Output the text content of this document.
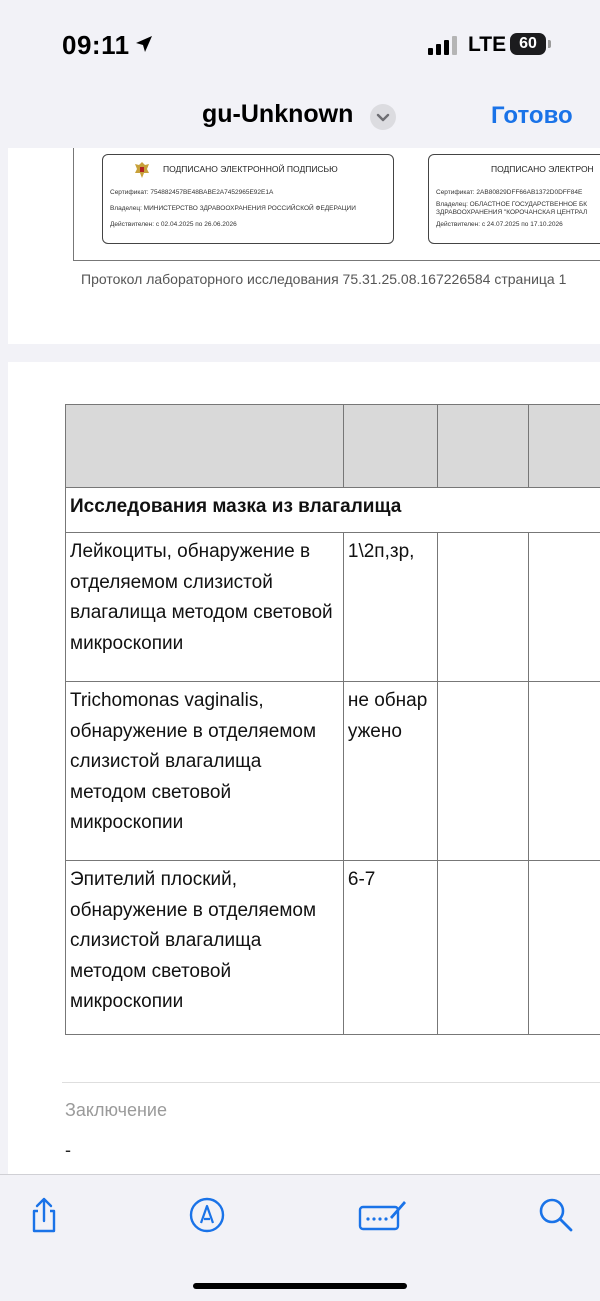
09:11	LTE 60
gu-Unknown	Готово
ПОДПИСАНО ЭЛЕКТРОННОЙ ПОДПИСЬЮ
Сертификат: 754882457BE48BABE2A7452965E92E1A
Владелец: МИНИСТЕРСТВО ЗДРАВООХРАНЕНИЯ РОССИЙСКОЙ ФЕДЕРАЦИИ
Действителен: с 02.04.2025 по 26.06.2026
ПОДПИСАНО ЭЛЕКТРОН
Сертификат: 2AB80829DFF66AB1372D0DFF84E
Владелец: ОБЛАСТНОЕ ГОСУДАРСТВЕННОЕ БК
ЗДРАВООХРАНЕНИЯ "КОРОЧАНСКАЯ ЦЕНТРАЛ
Действителен: с 24.07.2025 по 17.10.2026
Протокол лабораторного исследования 75.31.25.08.167226584 страница 1

Исследования мазка из влагалища			
Лейкоциты, обнаружение в отделяемом слизистой влагалища методом световой микроскопии	1\2п,зр,		
Trichomonas vaginalis, обнаружение в отделяемом слизистой влагалища методом световой микроскопии	не обнаружено		
Эпителий плоский, обнаружение в отделяемом слизистой влагалища методом световой микроскопии	6-7		
Заключение
-
